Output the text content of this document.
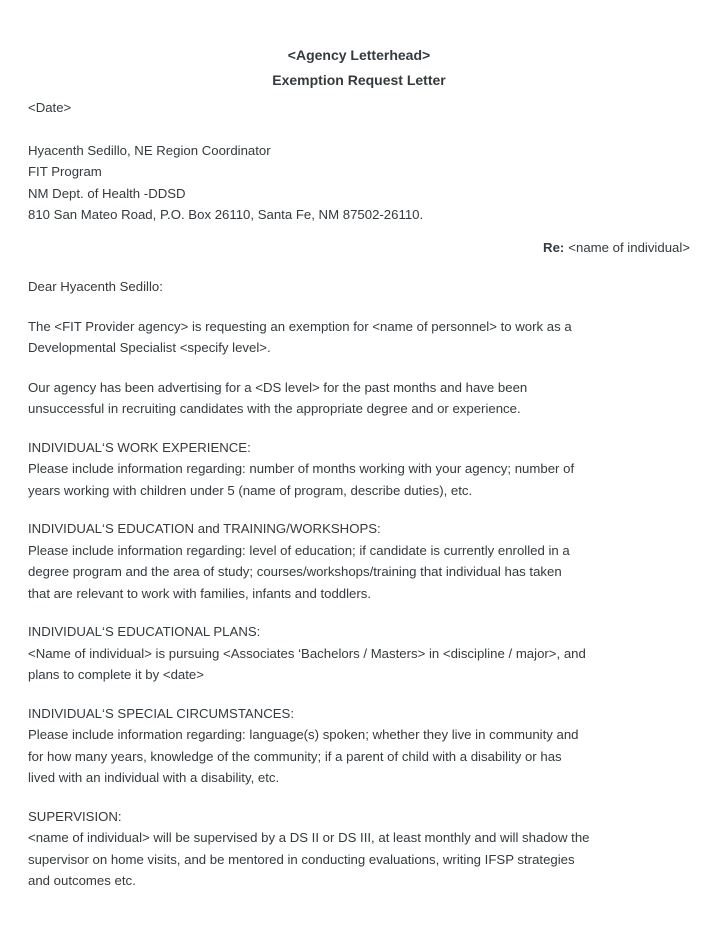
<Agency Letterhead>
Exemption Request Letter
<Date>
Hyacenth Sedillo, NE Region Coordinator
FIT Program
NM Dept. of Health -DDSD
810 San Mateo Road, P.O. Box 26110, Santa Fe, NM 87502-26110.
Re: <name of individual>
Dear Hyacenth Sedillo:
The <FIT Provider agency> is requesting an exemption for <name of personnel> to work as a
Developmental Specialist <specify level>.
Our agency has been advertising for a <DS level> for the past months and have been
unsuccessful in recruiting candidates with the appropriate degree and or experience.
INDIVIDUAL‘S WORK EXPERIENCE:
Please include information regarding: number of months working with your agency; number of
years working with children under 5 (name of program, describe duties), etc.
INDIVIDUAL‘S EDUCATION and TRAINING/WORKSHOPS:
Please include information regarding: level of education; if candidate is currently enrolled in a
degree program and the area of study; courses/workshops/training that individual has taken
that are relevant to work with families, infants and toddlers.
INDIVIDUAL‘S EDUCATIONAL PLANS:
<Name of individual> is pursuing <Associates ‘Bachelors / Masters> in <discipline / major>, and
plans to complete it by <date>
INDIVIDUAL‘S SPECIAL CIRCUMSTANCES:
Please include information regarding: language(s) spoken; whether they live in community and
for how many years, knowledge of the community; if a parent of child with a disability or has
lived with an individual with a disability, etc.
SUPERVISION:
<name of individual> will be supervised by a DS II or DS III, at least monthly and will shadow the
supervisor on home visits, and be mentored in conducting evaluations, writing IFSP strategies
and outcomes etc.
